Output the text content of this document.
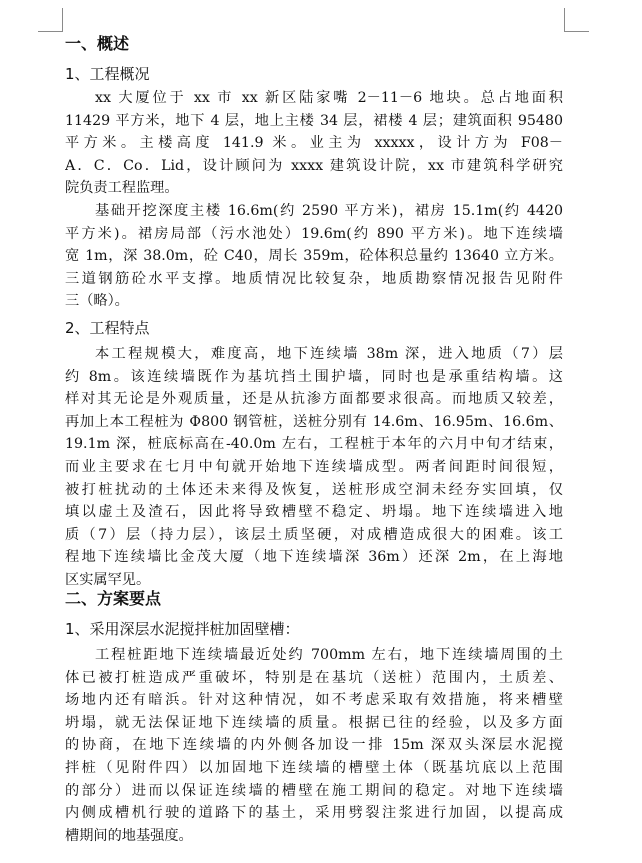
一、概述
1、工程概况
xx 大厦位于 xx 市 xx 新区陆家嘴 2－11－6 地块。总占地面积
11429 平方米，地下 4 层，地上主楼 34 层，裙楼 4 层；建筑面积 95480
平方米。主楼高度 141.9 米。业主为 xxxxx，设计方为 F08－
A．C．Co．Lid，设计顾问为 xxxx 建筑设计院，xx 市建筑科学研究
院负责工程监理。
基础开挖深度主楼 16.6m(约 2590 平方米)，裙房 15.1m(约 4420
平方米)。裙房局部（污水池处）19.6m(约 890 平方米)。地下连续墙
宽 1m，深 38.0m，砼 C40，周长 359m，砼体积总量约 13640 立方米。
三道钢筋砼水平支撑。地质情况比较复杂，地质勘察情况报告见附件
三（略）。
2、工程特点
本工程规模大，难度高，地下连续墙 38m 深，进入地质（7）层
约 8m。该连续墙既作为基坑挡土围护墙，同时也是承重结构墙。这
样对其无论是外观质量，还是从抗渗方面都要求很高。而地质又较差，
再加上本工程桩为 Φ800 钢管桩，送桩分别有 14.6m、16.95m、16.6m、
19.1m 深，桩底标高在-40.0m 左右，工程桩于本年的六月中旬才结束，
而业主要求在七月中旬就开始地下连续墙成型。两者间距时间很短，
被打桩扰动的土体还未来得及恢复，送桩形成空洞未经夯实回填，仅
填以虚土及渣石，因此将导致槽壁不稳定、坍塌。地下连续墙进入地
质（7）层（持力层），该层土质坚硬，对成槽造成很大的困难。该工
程地下连续墙比金茂大厦（地下连续墙深 36m）还深 2m，在上海地
区实属罕见。
二、方案要点
1、采用深层水泥搅拌桩加固壁槽：
工程桩距地下连续墙最近处约 700mm 左右，地下连续墙周围的土
体已被打桩造成严重破坏，特别是在基坑（送桩）范围内，土质差、
场地内还有暗浜。针对这种情况，如不考虑采取有效措施，将来槽壁
坍塌，就无法保证地下连续墙的质量。根据已往的经验，以及多方面
的协商，在地下连续墙的内外侧各加设一排 15m 深双头深层水泥搅
拌桩（见附件四）以加固地下连续墙的槽壁土体（既基坑底以上范围
的部分）进而以保证连续墙的槽壁在施工期间的稳定。对地下连续墙
内侧成槽机行驶的道路下的基土，采用劈裂注浆进行加固，以提高成
槽期间的地基强度。
